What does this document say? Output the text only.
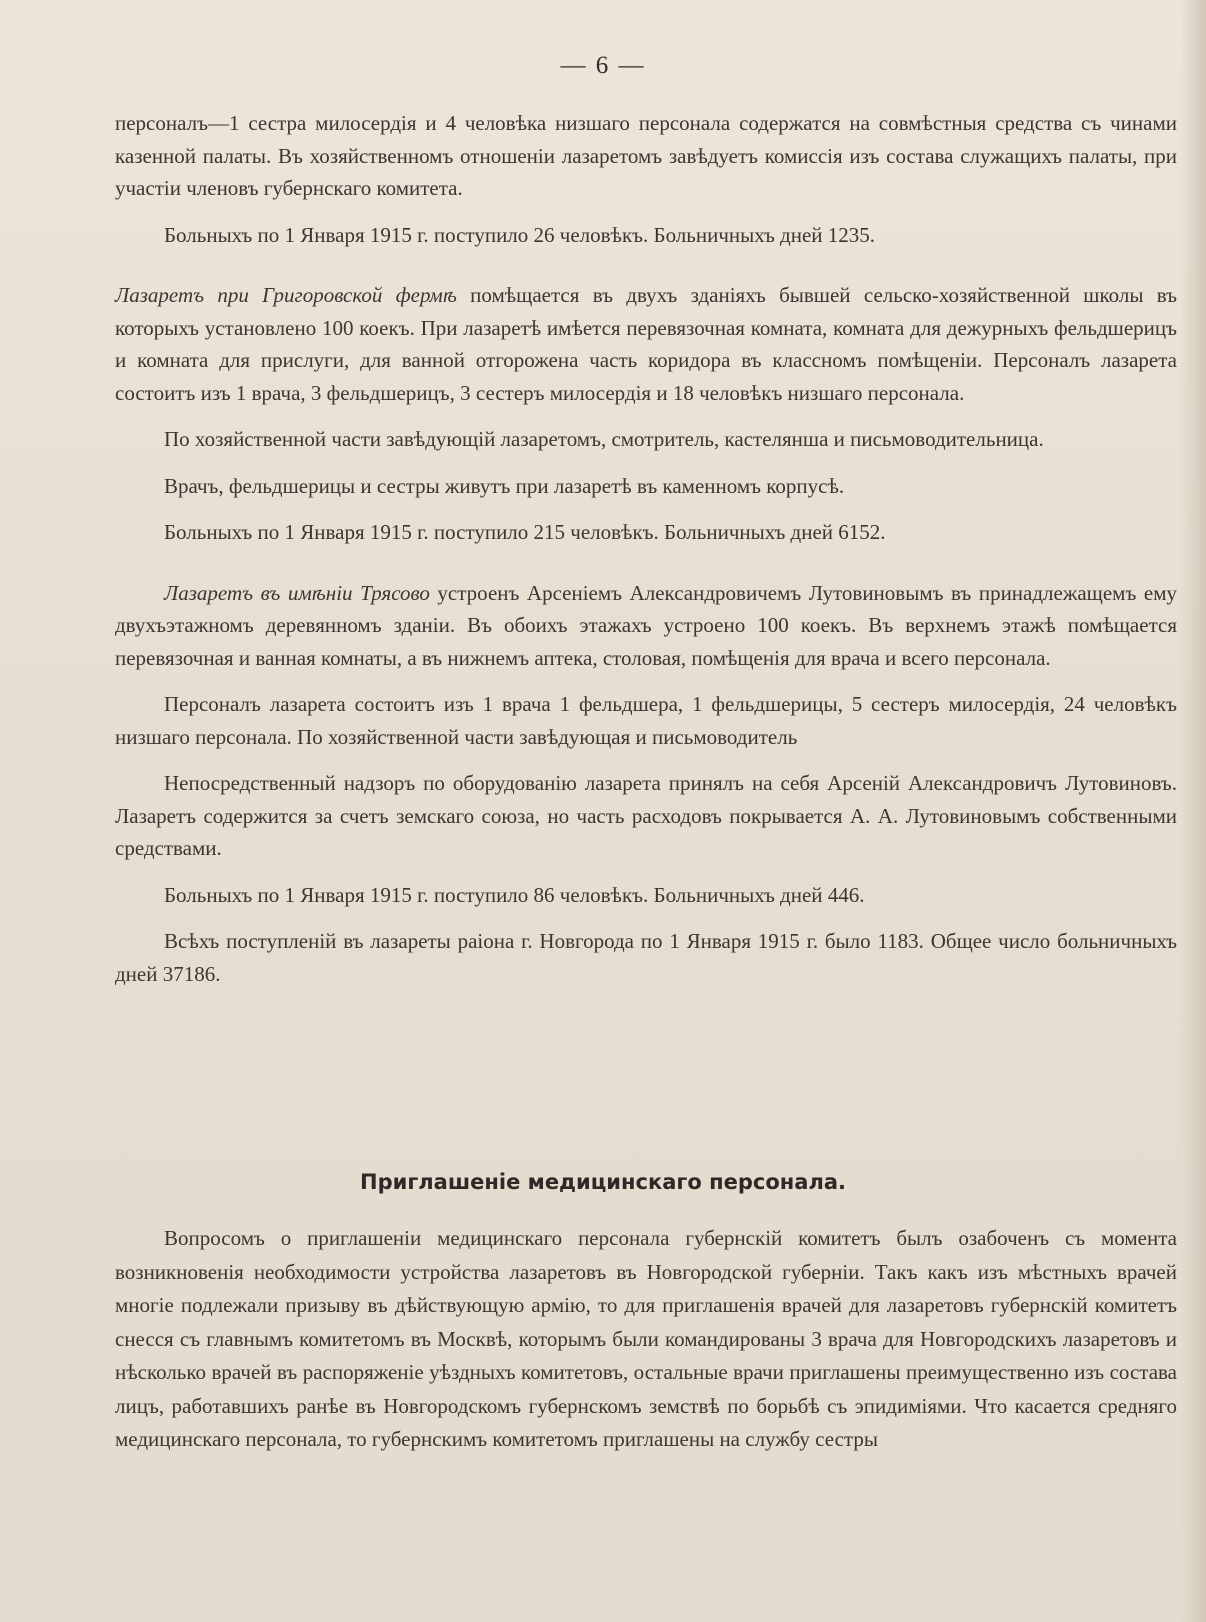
— 6 —

персоналъ—1 сестра милосердія и 4 человѣка низшаго персонала содержатся на совмѣстныя средства съ чинами казенной палаты. Въ хозяйственномъ отношеніи лазаретомъ завѣдуетъ комиссія изъ состава служащихъ палаты, при участіи членовъ губернскаго комитета.

Больныхъ по 1 Января 1915 г. поступило 26 человѣкъ. Больничныхъ дней 1235.

Лазаретъ при Григоровской фермѣ помѣщается въ двухъ зданіяхъ бывшей сельско-хозяйственной школы въ которыхъ установлено 100 коекъ. При лазаретѣ имѣется перевязочная комната, комната для дежурныхъ фельдшерицъ и комната для прислуги, для ванной отгорожена часть коридора въ классномъ помѣщеніи. Персоналъ лазарета состоитъ изъ 1 врача, 3 фельдшерицъ, 3 сестеръ милосердія и 18 человѣкъ низшаго персонала.

По хозяйственной части завѣдующій лазаретомъ, смотритель, кастелянша и письмоводительница.

Врачъ, фельдшерицы и сестры живутъ при лазаретѣ въ каменномъ корпусѣ.

Больныхъ по 1 Января 1915 г. поступило 215 человѣкъ. Больничныхъ дней 6152.

Лазаретъ въ имѣніи Трясово устроенъ Арсеніемъ Александровичемъ Лутовиновымъ въ принадлежащемъ ему двухъэтажномъ деревянномъ зданіи. Въ обоихъ этажахъ устроено 100 коекъ. Въ верхнемъ этажѣ помѣщается перевязочная и ванная комнаты, а въ нижнемъ аптека, столовая, помѣщенія для врача и всего персонала.

Персоналъ лазарета состоитъ изъ 1 врача 1 фельдшера, 1 фельдшерицы, 5 сестеръ милосердія, 24 человѣкъ низшаго персонала. По хозяйственной части завѣдующая и письмоводитель

Непосредственный надзоръ по оборудованію лазарета принялъ на себя Арсеній Александровичъ Лутовиновъ. Лазаретъ содержится за счетъ земскаго союза, но часть расходовъ покрывается А. А. Лутовиновымъ собственными средствами.

Больныхъ по 1 Января 1915 г. поступило 86 человѣкъ. Больничныхъ дней 446.

Всѣхъ поступленій въ лазареты раіона г. Новгорода по 1 Января 1915 г. было 1183. Общее число больничныхъ дней 37186.

Приглашеніе медицинскаго персонала.

Вопросомъ о приглашеніи медицинскаго персонала губернскій комитетъ былъ озабоченъ съ момента возникновенія необходимости устройства лазаретовъ въ Новгородской губерніи. Такъ какъ изъ мѣстныхъ врачей многіе подлежали призыву въ дѣйствующую армію, то для приглашенія врачей для лазаретовъ губернскій комитетъ снесся съ главнымъ комитетомъ въ Москвѣ, которымъ были командированы 3 врача для Новгородскихъ лазаретовъ и нѣсколько врачей въ распоряженіе уѣздныхъ комитетовъ, остальные врачи приглашены преимущественно изъ состава лицъ, работавшихъ ранѣе въ Новгородскомъ губернскомъ земствѣ по борьбѣ съ эпидиміями. Что касается средняго медицинскаго персонала, то губернскимъ комитетомъ приглашены на службу сестры
